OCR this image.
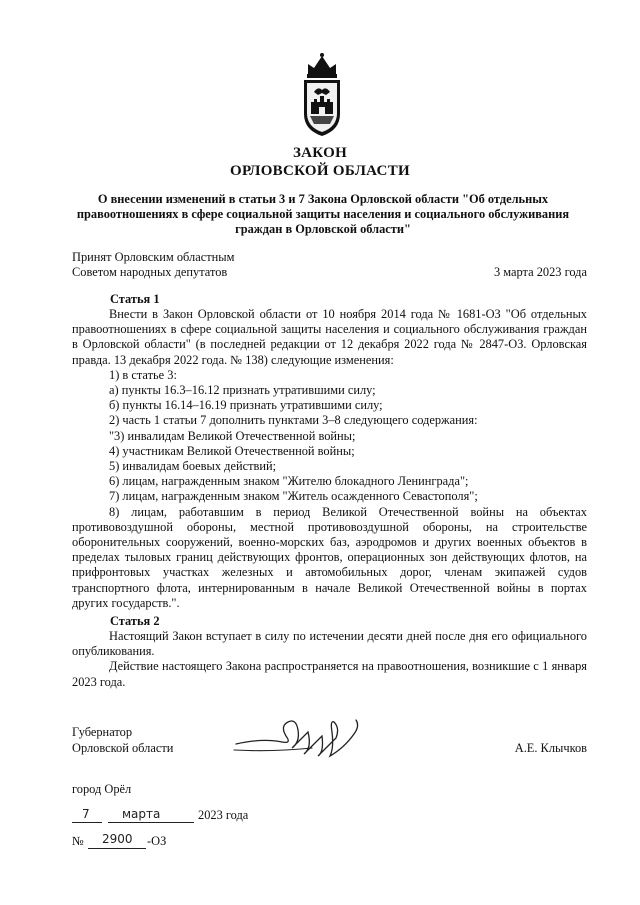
ЗАКОН
ОРЛОВСКОЙ ОБЛАСТИ
О внесении изменений в статьи 3 и 7 Закона Орловской области "Об отдельных правоотношениях в сфере социальной защиты населения и социального обслуживания граждан в Орловской области"
Принят Орловским областным
Советом народных депутатов	3 марта 2023 года
Статья 1

Внести в Закон Орловской области от 10 ноября 2014 года № 1681-ОЗ "Об отдельных правоотношениях в сфере социальной защиты населения и социального обслуживания граждан в Орловской области" (в последней редакции от 12 декабря 2022 года № 2847-ОЗ. Орловская правда. 13 декабря 2022 года. № 138) следующие изменения:

1) в статье 3:

а) пункты 16.3–16.12 признать утратившими силу;

б) пункты 16.14–16.19 признать утратившими силу;

2) часть 1 статьи 7 дополнить пунктами 3–8 следующего содержания:

"3) инвалидам Великой Отечественной войны;

4) участникам Великой Отечественной войны;

5) инвалидам боевых действий;

6) лицам, награжденным знаком "Жителю блокадного Ленинграда";

7) лицам, награжденным знаком "Житель осажденного Севастополя";

8) лицам, работавшим в период Великой Отечественной войны на объектах противовоздушной обороны, местной противовоздушной обороны, на строительстве оборонительных сооружений, военно-морских баз, аэродромов и других военных объектов в пределах тыловых границ действующих фронтов, операционных зон действующих флотов, на прифронтовых участках железных и автомобильных дорог, членам экипажей судов транспортного флота, интернированным в начале Великой Отечественной войны в портах других государств.".

Статья 2

Настоящий Закон вступает в силу по истечении десяти дней после дня его официального опубликования.

Действие настоящего Закона распространяется на правоотношения, возникшие с 1 января 2023 года.

Губернатор
Орловской области	А.Е. Клычков
город Орёл
7	марта	2023 года
№ 2900 -ОЗ
